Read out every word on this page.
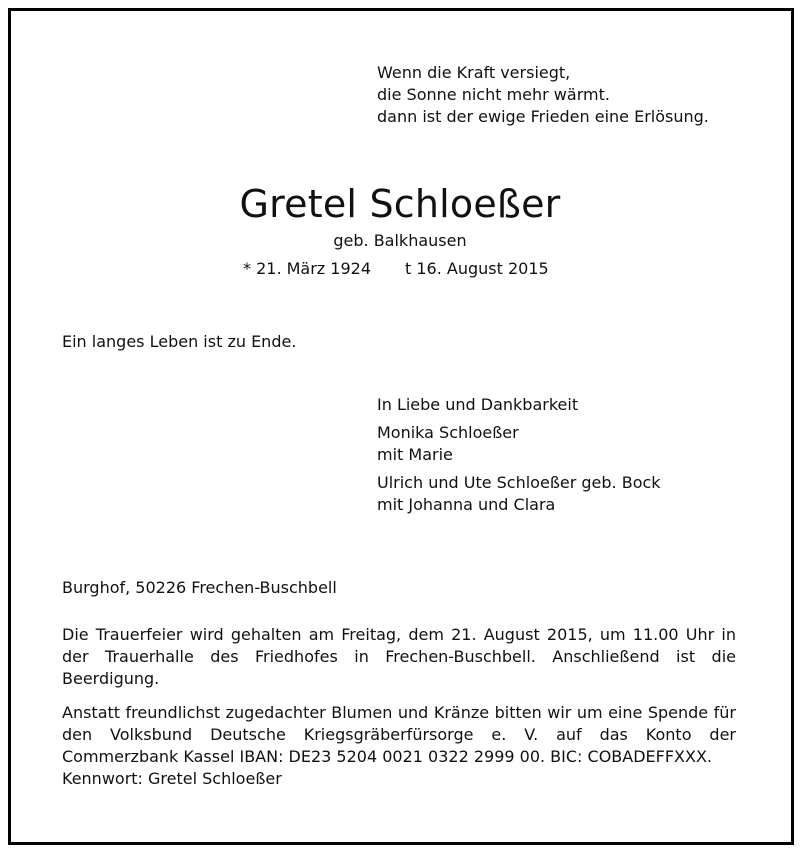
Wenn die Kraft versiegt,
die Sonne nicht mehr wärmt.
dann ist der ewige Frieden eine Erlösung.
Gretel Schloeßer
geb. Balkhausen
* 21. März 1924 t 16. August 2015
Ein langes Leben ist zu Ende.
In Liebe und Dankbarkeit
Monika Schloeßer
mit Marie
Ulrich und Ute Schloeßer geb. Bock
mit Johanna und Clara
Burghof, 50226 Frechen-Buschbell
Die Trauerfeier wird gehalten am Freitag, dem 21. August 2015, um 11.00 Uhr in der Trauerhalle des Friedhofes in Frechen-Buschbell. Anschließend ist die Beerdigung.
Anstatt freundlichst zugedachter Blumen und Kränze bitten wir um eine Spende für den Volksbund Deutsche Kriegsgräberfürsorge e. V. auf das Konto der Commerzbank Kassel IBAN: DE23 5204 0021 0322 2999 00. BIC: COBADEFFXXX.
Kennwort: Gretel Schloeßer
